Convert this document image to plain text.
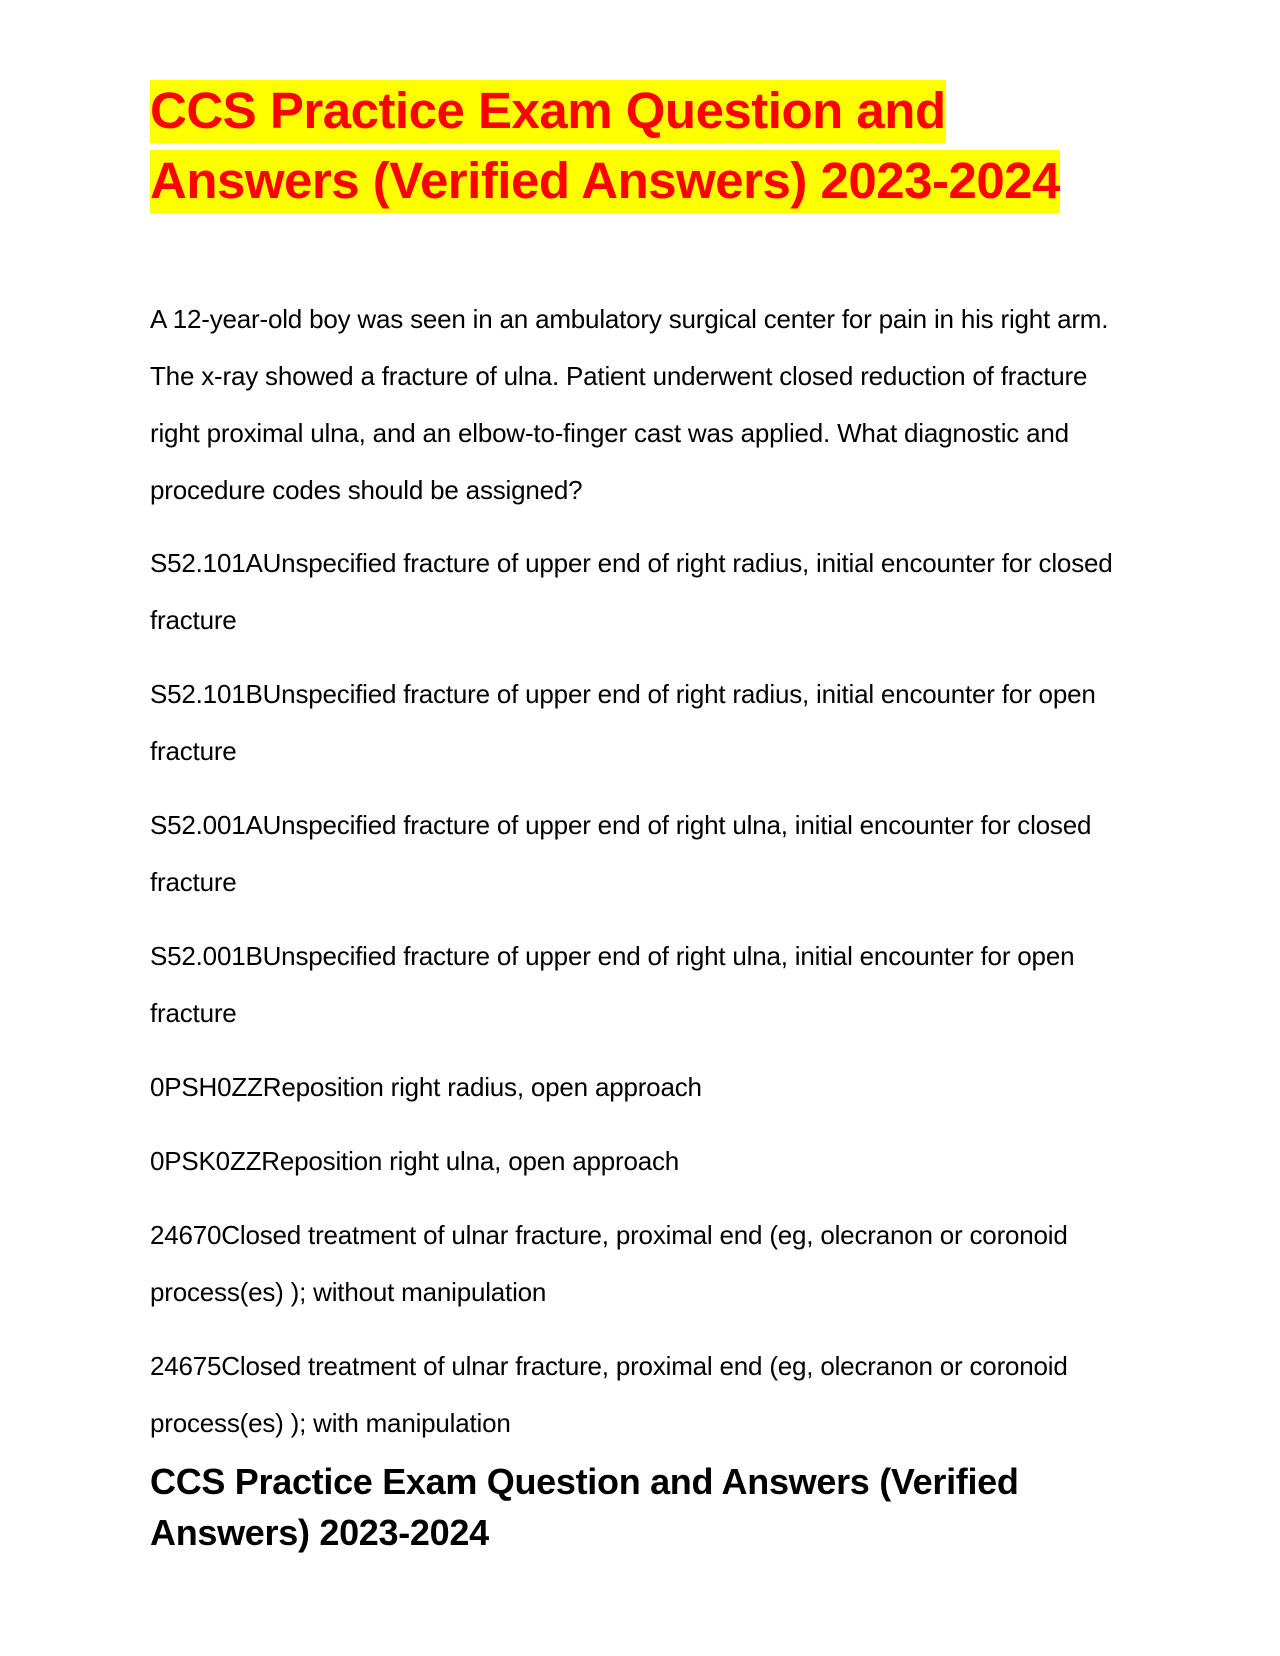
CCS Practice Exam Question and
Answers (Verified Answers) 2023-2024

A 12-year-old boy was seen in an ambulatory surgical center for pain in his right arm. The x-ray showed a fracture of ulna. Patient underwent closed reduction of fracture right proximal ulna, and an elbow-to-finger cast was applied. What diagnostic and procedure codes should be assigned?

S52.101AUnspecified fracture of upper end of right radius, initial encounter for closed fracture
S52.101BUnspecified fracture of upper end of right radius, initial encounter for open fracture
S52.001AUnspecified fracture of upper end of right ulna, initial encounter for closed fracture
S52.001BUnspecified fracture of upper end of right ulna, initial encounter for open fracture
0PSH0ZZReposition right radius, open approach
0PSK0ZZReposition right ulna, open approach
24670Closed treatment of ulnar fracture, proximal end (eg, olecranon or coronoid process(es) ); without manipulation
24675Closed treatment of ulnar fracture, proximal end (eg, olecranon or coronoid process(es) ); with manipulation
CCS Practice Exam Question and Answers (Verified Answers) 2023-2024
